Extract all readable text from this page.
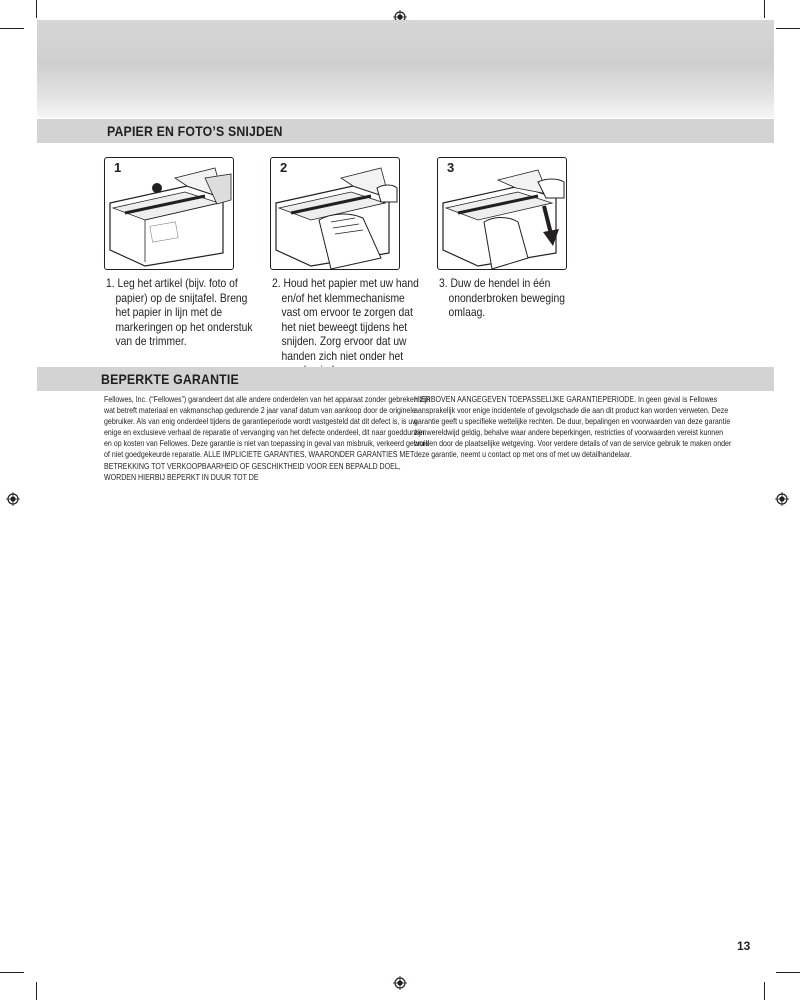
PAPIER EN FOTO’S SNIJDEN
1

1. Leg het artikel (bijv. foto of papier) op de snijtafel. Breng het papier in lijn met de markeringen op het onderstuk van de trimmer.

2

2. Houd het papier met uw hand en/of het klemmechanisme vast om ervoor te zorgen dat het niet beweegt tijdens het snijden. Zorg ervoor dat uw handen zich niet onder het

3

3. Duw de hendel in één ononderbroken beweging omlaag.

BEPERKTE GARANTIE

Fellowes, Inc. (“Fellowes”) garandeert dat alle andere onderdelen van het apparaat zonder gebreken zijn wat betreft materiaal en vakmanschap gedurende 2 jaar vanaf datum van aankoop door de originele gebruiker. Als van enig onderdeel tijdens de garantieperiode wordt vastgesteld dat dit defect is, is uw enige en exclusieve verhaal de reparatie of vervanging van het defecte onderdeel, dit naar goeddunken en op kosten van Fellowes. Deze garantie is niet van toepassing in geval van misbruik, verkeerd gebruik of niet goedgekeurde reparatie. ALLE IMPLICIETE GARANTIES, WAARONDER GARANTIES MET BETREKKING TOT VERKOOPBAARHEID OF GESCHIKTHEID VOOR EEN BEPAALD DOEL, WORDEN HIERBIJ BEPERKT IN DUUR TOT DE

HIERBOVEN AANGEGEVEN TOEPASSELIJKE GARANTIEPERIODE. In geen geval is Fellowes aansprakelijk voor enige incidentele of gevolgschade die aan dit product kan worden verweten. Deze garantie geeft u specifieke wettelijke rechten. De duur, bepalingen en voorwaarden van deze garantie zijn wereldwijd geldig, behalve waar andere beperkingen, restricties of voorwaarden vereist kunnen worden door de plaatselijke wetgeving. Voor verdere details of van de service gebruik te maken onder deze garantie, neemt u contact op met ons of met uw detailhandelaar.

13
